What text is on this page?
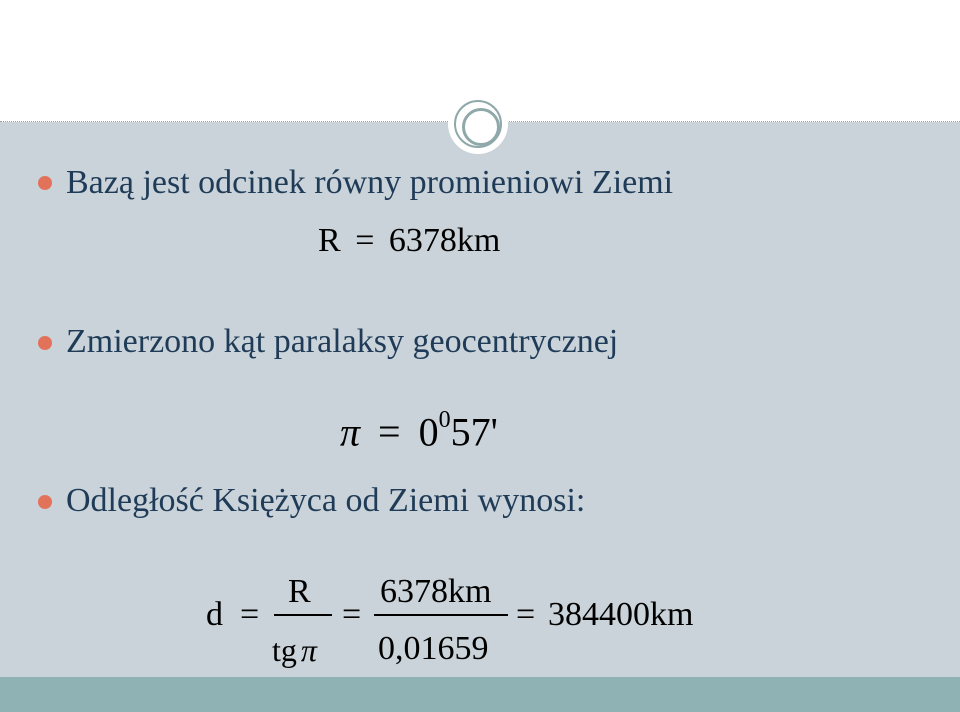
Bazą jest odcinek równy promieniowi Ziemi
R = 6378km
Zmierzono kąt paralaksy geocentrycznej
$\pi = 0^057'$
Odległość Księżyca od Ziemi wynosi:
d =
R
tg π
=
6378km
0,01659
= 384400km
